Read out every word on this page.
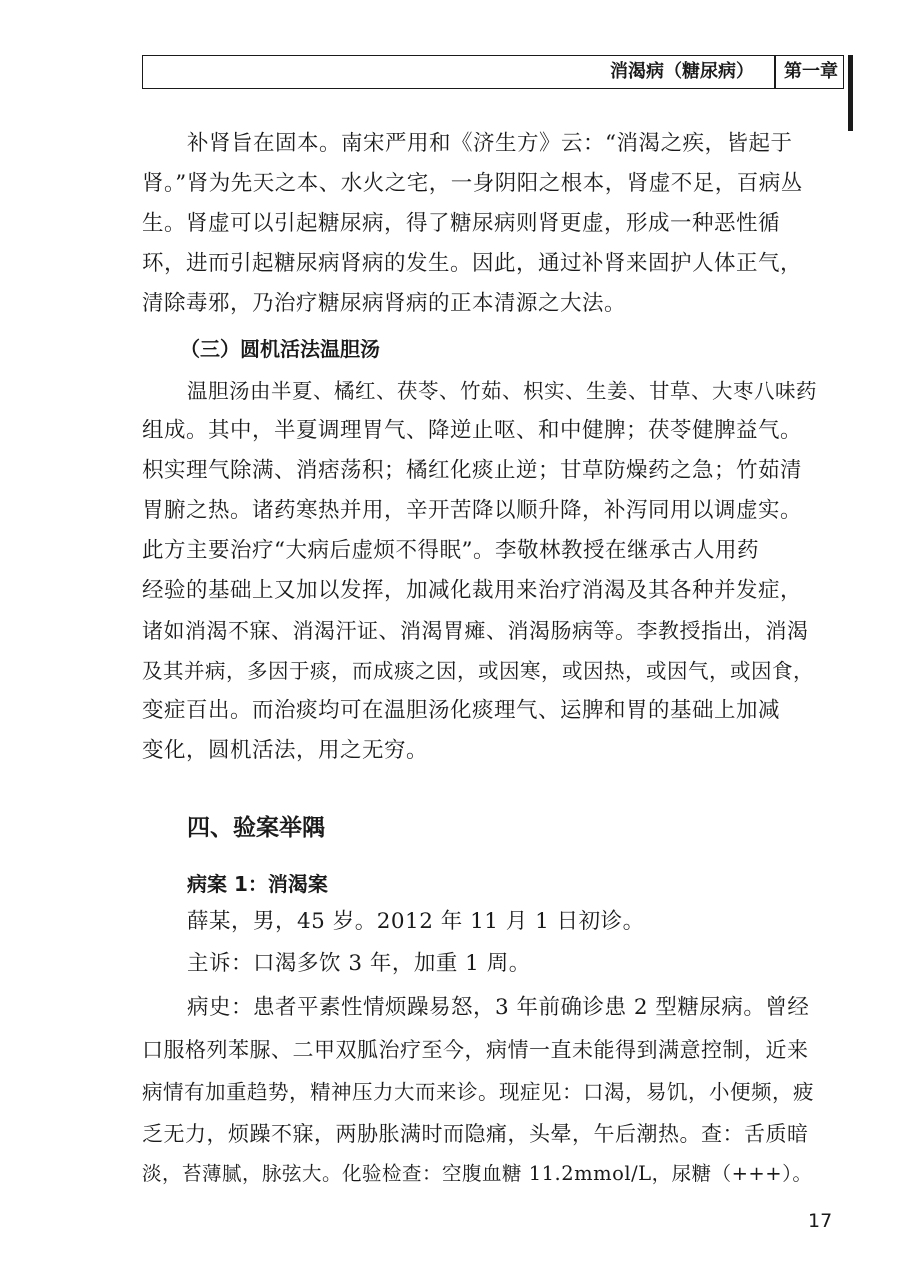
消渴病（糖尿病） 第一章
补肾旨在固本。南宋严用和《济生方》云：“消渴之疾，皆起于
肾。”肾为先天之本、水火之宅，一身阴阳之根本，肾虚不足，百病丛
生。肾虚可以引起糖尿病，得了糖尿病则肾更虚，形成一种恶性循
环，进而引起糖尿病肾病的发生。因此，通过补肾来固护人体正气，
清除毒邪，乃治疗糖尿病肾病的正本清源之大法。
（三）圆机活法温胆汤
温胆汤由半夏、橘红、茯苓、竹茹、枳实、生姜、甘草、大枣八味药
组成。其中，半夏调理胃气、降逆止呕、和中健脾；茯苓健脾益气。
枳实理气除满、消痞荡积；橘红化痰止逆；甘草防燥药之急；竹茹清
胃腑之热。诸药寒热并用，辛开苦降以顺升降，补泻同用以调虚实。
此方主要治疗“大病后虚烦不得眠”。李敬林教授在继承古人用药
经验的基础上又加以发挥，加减化裁用来治疗消渴及其各种并发症，
诸如消渴不寐、消渴汗证、消渴胃瘫、消渴肠病等。李教授指出，消渴
及其并病，多因于痰，而成痰之因，或因寒，或因热，或因气，或因食，
变症百出。而治痰均可在温胆汤化痰理气、运脾和胃的基础上加减
变化，圆机活法，用之无穷。
四、验案举隅
病案 1：消渴案
薛某，男，45 岁。2012 年 11 月 1 日初诊。
主诉：口渴多饮 3 年，加重 1 周。
病史：患者平素性情烦躁易怒，3 年前确诊患 2 型糖尿病。曾经
口服格列苯脲、二甲双胍治疗至今，病情一直未能得到满意控制，近来
病情有加重趋势，精神压力大而来诊。现症见：口渴，易饥，小便频，疲
乏无力，烦躁不寐，两胁胀满时而隐痛，头晕，午后潮热。查：舌质暗
淡，苔薄腻，脉弦大。化验检查：空腹血糖 11.2mmol/L，尿糖（+++）。
17
